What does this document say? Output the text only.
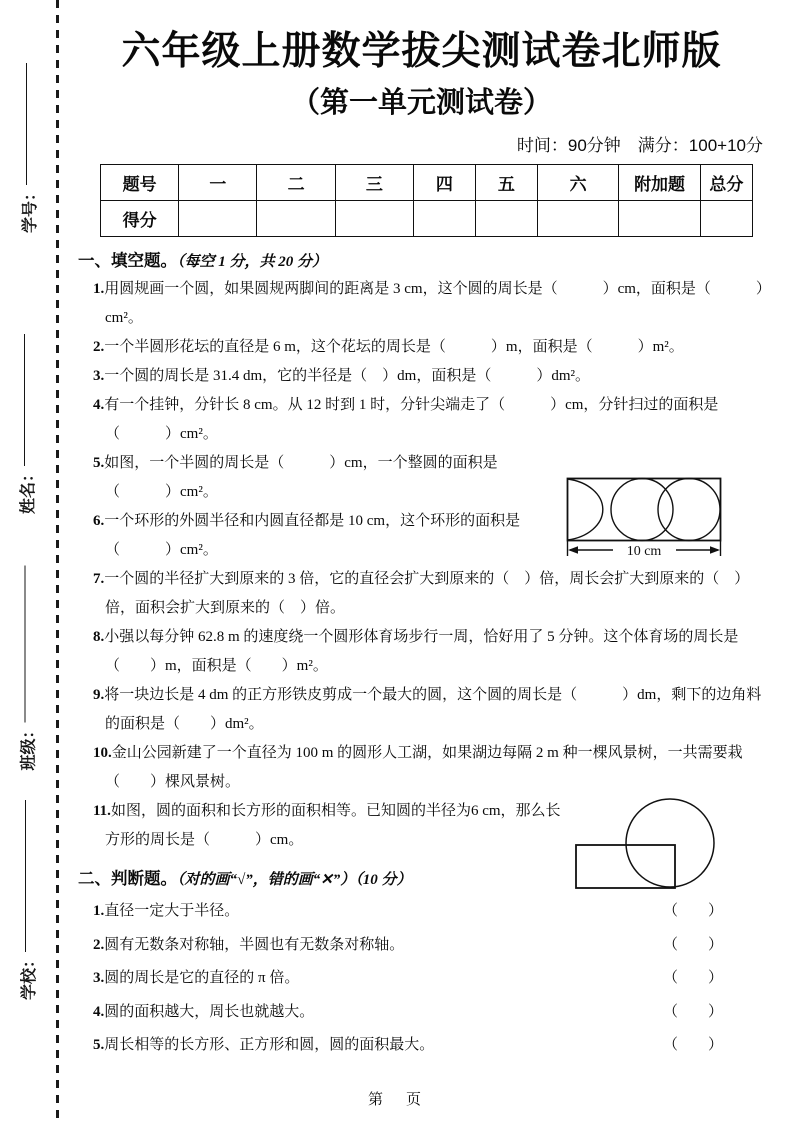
学号：
姓名：
班级：
学校：
六年级上册数学拔尖测试卷北师版
（第一单元测试卷）
时间：90分钟　满分：100+10分
题号	一	二	三	四	五	六	附加题	总分
得分								
一、填空题。（每空 1 分，共 20 分）
1.用圆规画一个圆，如果圆规两脚间的距离是 3 cm，这个圆的周长是（　　　）cm，面积是（　　　）cm²。
2.一个半圆形花坛的直径是 6 m，这个花坛的周长是（　　　）m，面积是（　　　）m²。
3.一个圆的周长是 31.4 dm，它的半径是（　）dm，面积是（　　　）dm²。
4.有一个挂钟，分针长 8 cm。从 12 时到 1 时，分针尖端走了（　　　）cm，分针扫过的面积是（　　　）cm²。
5.如图，一个半圆的周长是（　　　）cm，一个整圆的面积是（　　　）cm²。
6.一个环形的外圆半径和内圆直径都是 10 cm，这个环形的面积是（　　　）cm²。
7.一个圆的半径扩大到原来的 3 倍，它的直径会扩大到原来的（　）倍，周长会扩大到原来的（　）倍，面积会扩大到原来的（　）倍。
8.小强以每分钟 62.8 m 的速度绕一个圆形体育场步行一周，恰好用了 5 分钟。这个体育场的周长是（　　）m，面积是（　　）m²。
9.将一块边长是 4 dm 的正方形铁皮剪成一个最大的圆，这个圆的周长是（　　　）dm，剩下的边角料的面积是（　　）dm²。
10.金山公园新建了一个直径为 100 m 的圆形人工湖，如果湖边每隔 2 m 种一棵风景树，一共需要栽（　　）棵风景树。
11.如图，圆的面积和长方形的面积相等。已知圆的半径为6 cm，那么长方形的周长是（　　　）cm。
二、判断题。（对的画“√”，错的画“✕”）（10 分）
1.直径一定大于半径。	（　　）
2.圆有无数条对称轴，半圆也有无数条对称轴。	（　　）
3.圆的周长是它的直径的 π 倍。	（　　）
4.圆的面积越大，周长也就越大。	（　　）
5.周长相等的长方形、正方形和圆，圆的面积最大。	（　　）
10 cm
第　页
